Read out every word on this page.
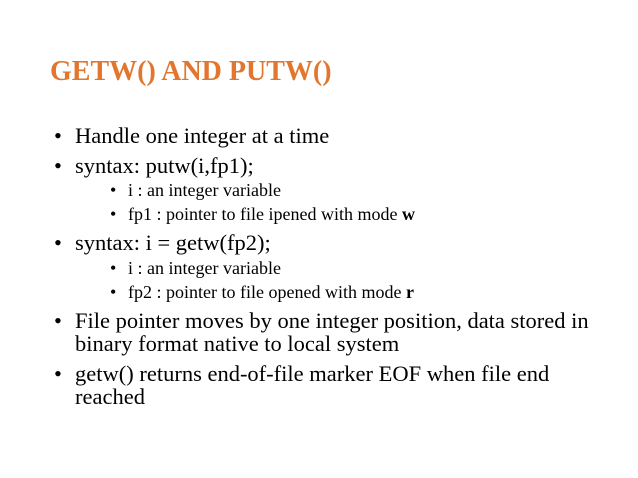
GETW() AND PUTW()
• Handle one integer at a time
• syntax: putw(i,fp1);
• i : an integer variable
• fp1 : pointer to file ipened with mode w
• syntax: i = getw(fp2);
• i : an integer variable
• fp2 : pointer to file opened with mode r
• File pointer moves by one integer position, data stored in binary format native to local system
• getw() returns end-of-file marker EOF when file end reached
